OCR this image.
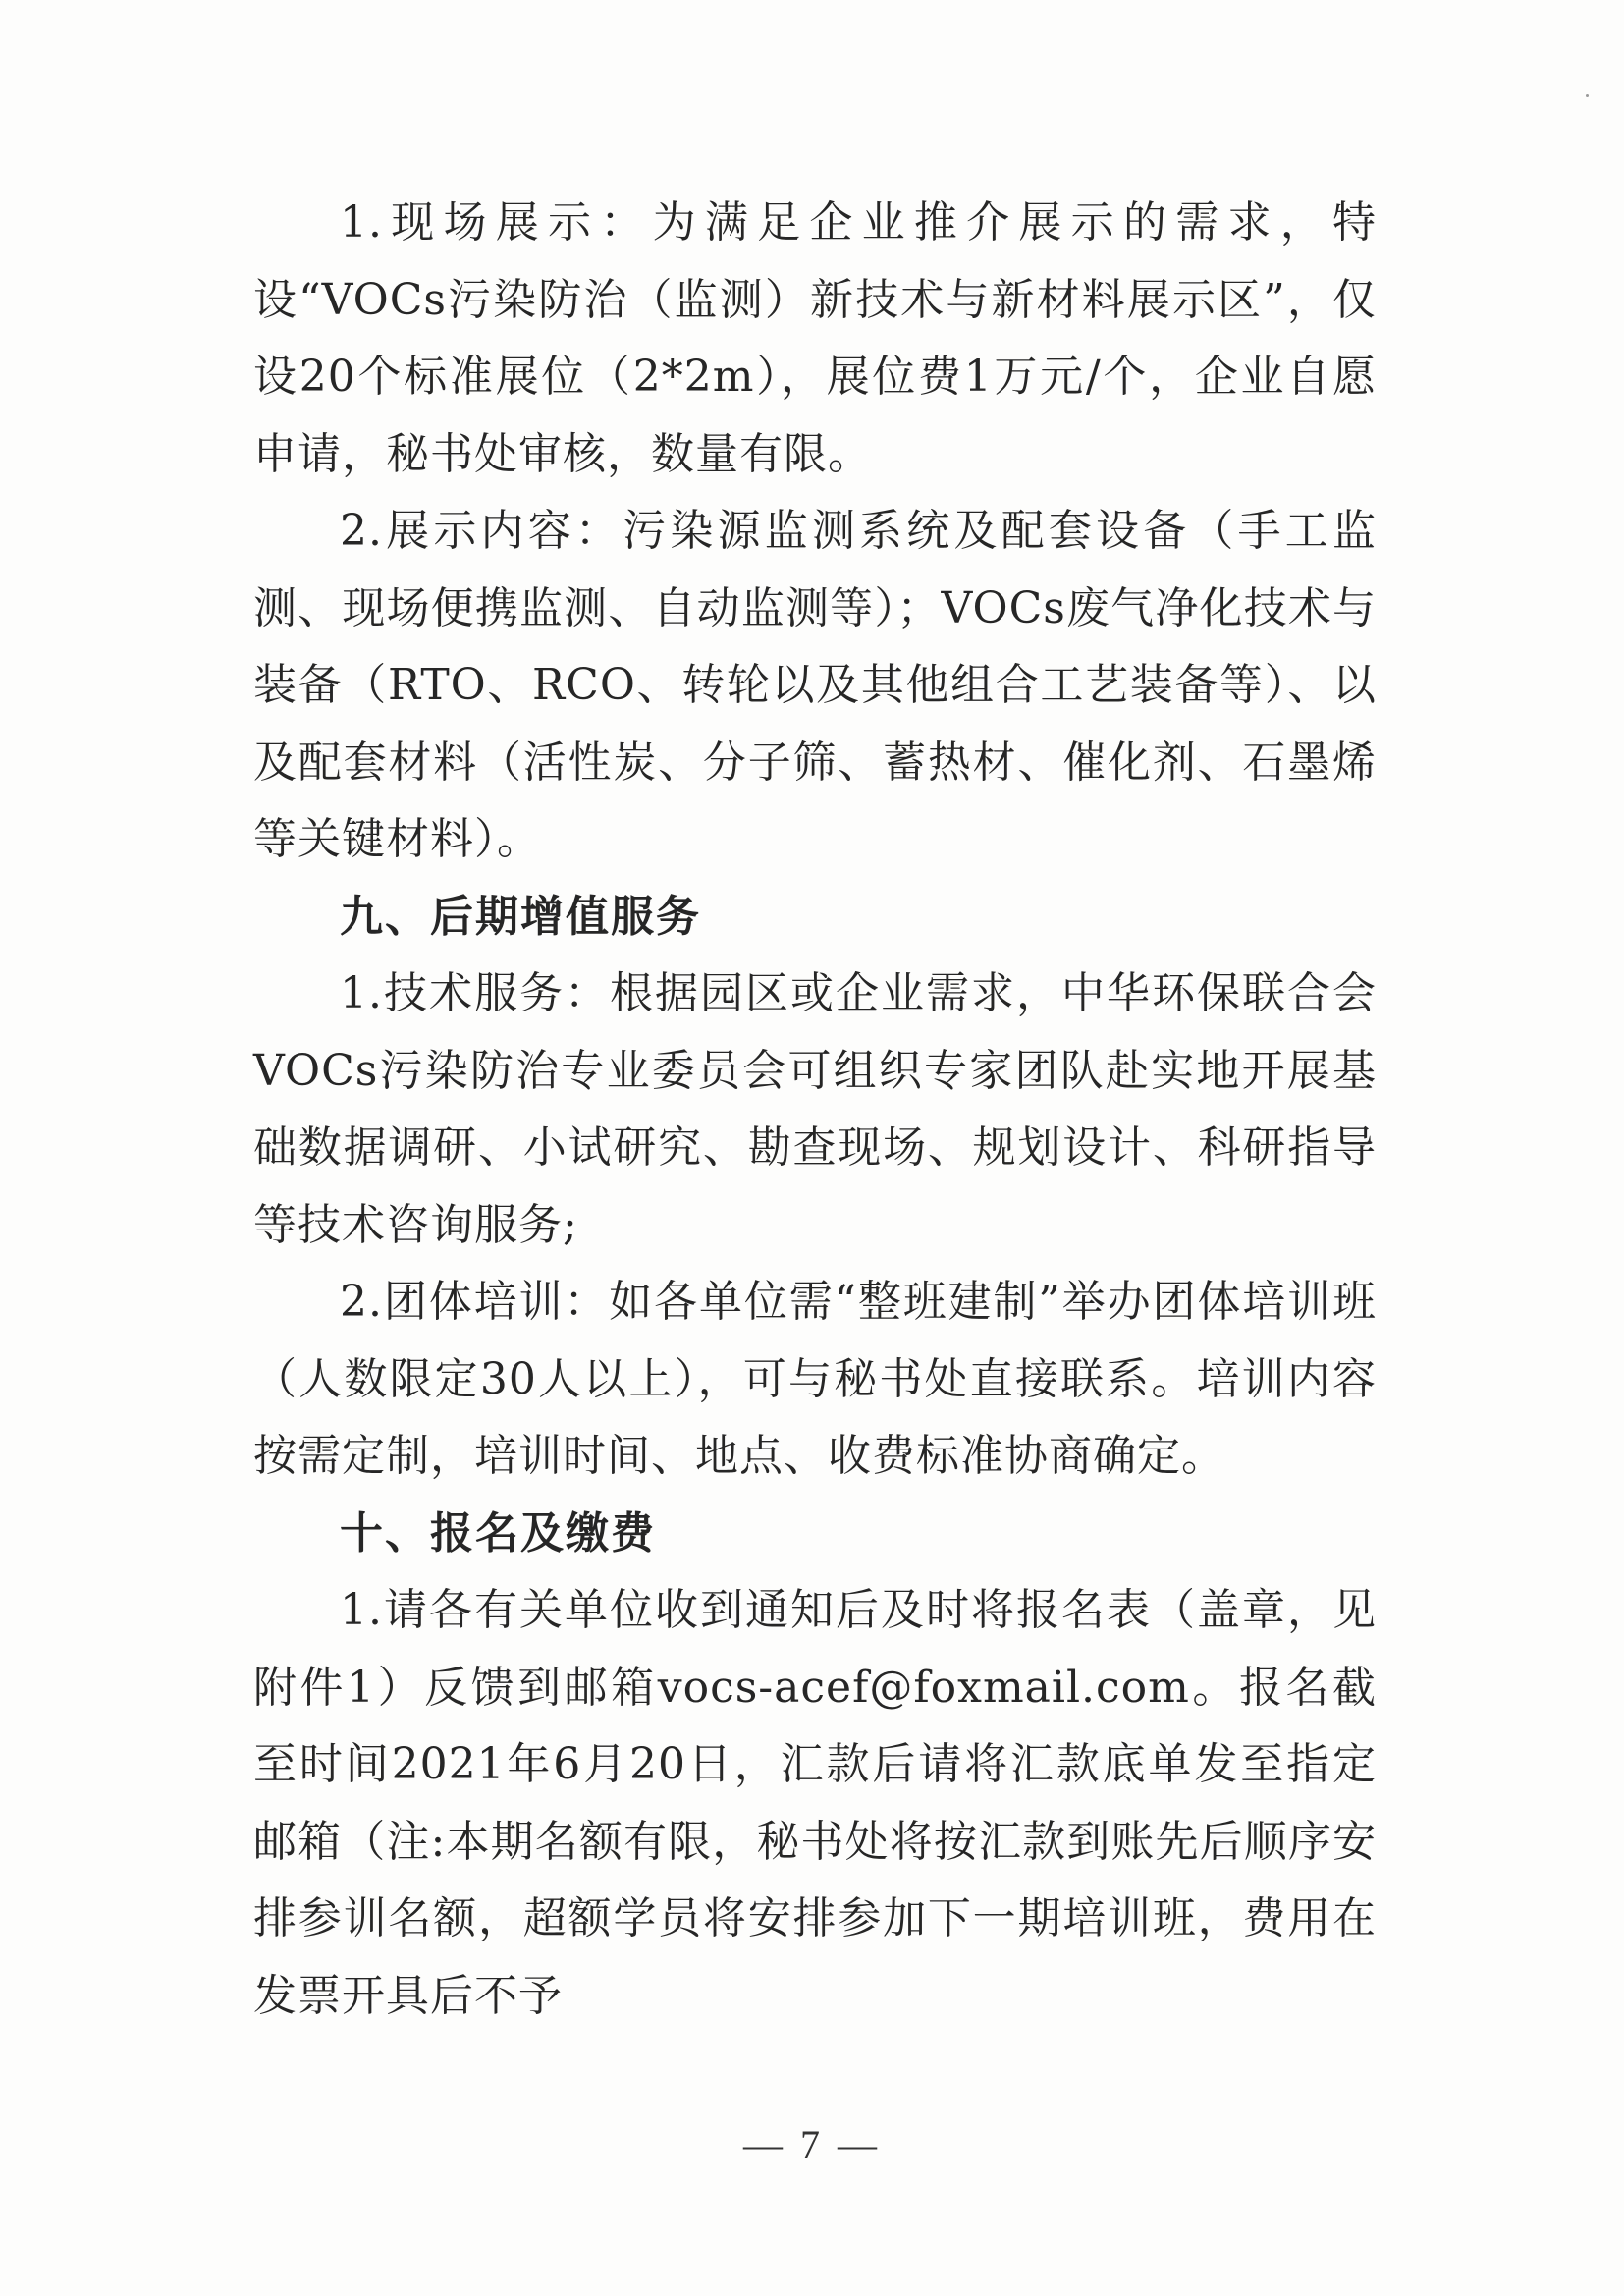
1.现场展示：为满足企业推介展示的需求，特设“VOCs污染防治（监测）新技术与新材料展示区”，仅设20个标准展位（2*2m），展位费1万元/个，企业自愿申请，秘书处审核，数量有限。

2.展示内容：污染源监测系统及配套设备（手工监测、现场便携监测、自动监测等）；VOCs废气净化技术与装备（RTO、RCO、转轮以及其他组合工艺装备等）、以及配套材料（活性炭、分子筛、蓄热材、催化剂、石墨烯等关键材料）。

九、后期增值服务

1.技术服务：根据园区或企业需求，中华环保联合会VOCs污染防治专业委员会可组织专家团队赴实地开展基础数据调研、小试研究、勘查现场、规划设计、科研指导等技术咨询服务;

2.团体培训：如各单位需“整班建制”举办团体培训班（人数限定30人以上），可与秘书处直接联系。培训内容按需定制，培训时间、地点、收费标准协商确定。

十、报名及缴费

1.请各有关单位收到通知后及时将报名表（盖章，见附件1）反馈到邮箱vocs-acef@foxmail.com。报名截至时间2021年6月20日，汇款后请将汇款底单发至指定邮箱（注:本期名额有限，秘书处将按汇款到账先后顺序安排参训名额，超额学员将安排参加下一期培训班，费用在发票开具后不予

— 7 —
